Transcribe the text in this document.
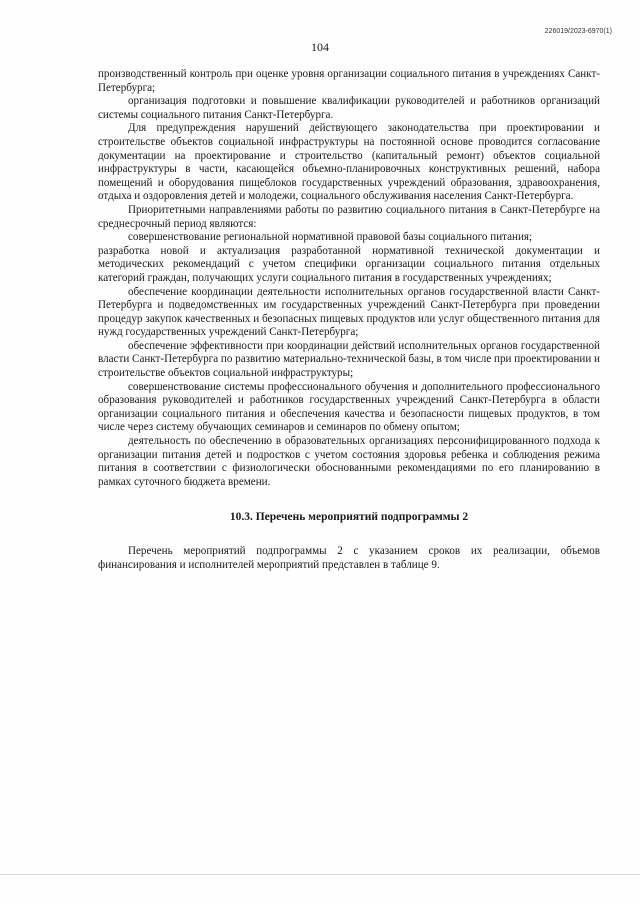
226019/2023-6970(1)
104

производственный контроль при оценке уровня организации социального питания в учреждениях Санкт-Петербурга;

организация подготовки и повышение квалификации руководителей и работников организаций системы социального питания Санкт-Петербурга.

Для предупреждения нарушений действующего законодательства при проектировании и строительстве объектов социальной инфраструктуры на постоянной основе проводится согласование документации на проектирование и строительство (капитальный ремонт) объектов социальной инфраструктуры в части, касающейся объемно-планировочных конструктивных решений, набора помещений и оборудования пищеблоков государственных учреждений образования, здравоохранения, отдыха и оздоровления детей и молодежи, социального обслуживания населения Санкт-Петербурга.

Приоритетными направлениями работы по развитию социального питания в Санкт-Петербурге на среднесрочный период являются:

совершенствование региональной нормативной правовой базы социального питания;

разработка новой и актуализация разработанной нормативной технической документации и методических рекомендаций с учетом специфики организации социального питания отдельных категорий граждан, получающих услуги социального питания в государственных учреждениях;

обеспечение координации деятельности исполнительных органов государственной власти Санкт-Петербурга и подведомственных им государственных учреждений Санкт-Петербурга при проведении процедур закупок качественных и безопасных пищевых продуктов или услуг общественного питания для нужд государственных учреждений Санкт-Петербурга;

обеспечение эффективности при координации действий исполнительных органов государственной власти Санкт-Петербурга по развитию материально-технической базы, в том числе при проектировании и строительстве объектов социальной инфраструктуры;

совершенствование системы профессионального обучения и дополнительного профессионального образования руководителей и работников государственных учреждений Санкт-Петербурга в области организации социального питания и обеспечения качества и безопасности пищевых продуктов, в том числе через систему обучающих семинаров и семинаров по обмену опытом;

деятельность по обеспечению в образовательных организациях персонифицированного подхода к организации питания детей и подростков с учетом состояния здоровья ребенка и соблюдения режима питания в соответствии с физиологически обоснованными рекомендациями по его планированию в рамках суточного бюджета времени.

10.3. Перечень мероприятий подпрограммы 2

Перечень мероприятий подпрограммы 2 с указанием сроков их реализации, объемов финансирования и исполнителей мероприятий представлен в таблице 9.
